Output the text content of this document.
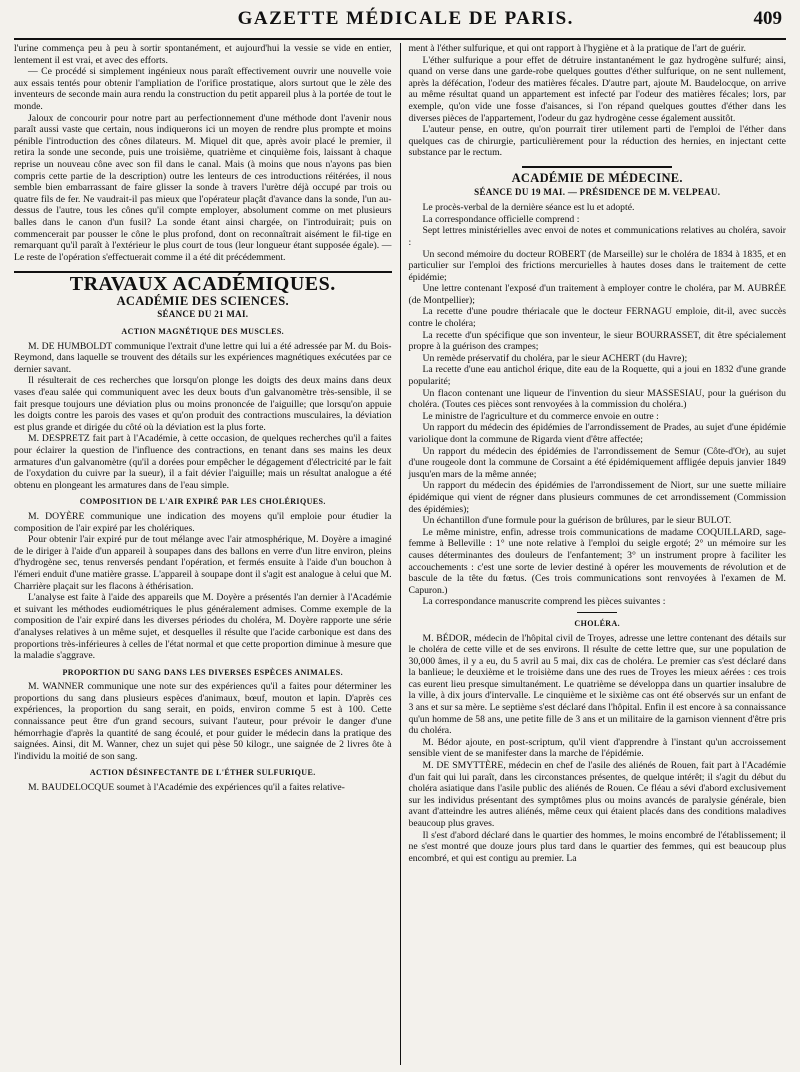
GAZETTE MÉDICALE DE PARIS.	409

l'urine commença peu à peu à sortir spontanément, et aujourd'hui la vessie se vide en entier, lentement il est vrai, et avec des efforts.

— Ce procédé si simplement ingénieux nous paraît effectivement ouvrir une nouvelle voie aux essais tentés pour obtenir l'ampliation de l'orifice prostatique, alors surtout que le zèle des inventeurs de seconde main aura rendu la construction du petit appareil plus à la portée de tout le monde.

Jaloux de concourir pour notre part au perfectionnement d'une méthode dont l'avenir nous paraît aussi vaste que certain, nous indiquerons ici un moyen de rendre plus prompte et moins pénible l'introduction des cônes dilateurs. M. Miquel dit que, après avoir placé le premier, il retira la sonde une seconde, puis une troisième, quatrième et cinquième fois, laissant à chaque reprise un nouveau cône avec son fil dans le canal. Mais (à moins que nous n'ayons pas bien compris cette partie de la description) outre les lenteurs de ces introductions réitérées, il nous semble bien embarrassant de faire glisser la sonde à travers l'urètre déjà occupé par trois ou quatre fils de fer. Ne vaudrait-il pas mieux que l'opérateur plaçât d'avance dans la sonde, l'un au-dessus de l'autre, tous les cônes qu'il compte employer, absolument comme on met plusieurs balles dans le canon d'un fusil? La sonde étant ainsi chargée, on l'introduirait; puis on commencerait par pousser le cône le plus profond, dont on reconnaîtrait aisément le fil-tige en remarquant qu'il paraît à l'extérieur le plus court de tous (leur longueur étant supposée égale). — Le reste de l'opération s'effectuerait comme il a été dit précédemment.

TRAVAUX ACADÉMIQUES.
ACADÉMIE DES SCIENCES.
SÉANCE DU 21 MAI.
ACTION MAGNÉTIQUE DES MUSCLES.

M. DE HUMBOLDT communique l'extrait d'une lettre qui lui a été adressée par M. du Bois-Reymond, dans laquelle se trouvent des détails sur les expériences magnétiques exécutées par ce dernier savant.

Il résulterait de ces recherches que lorsqu'on plonge les doigts des deux mains dans deux vases d'eau salée qui communiquent avec les deux bouts d'un galvanomètre très-sensible, il se fait presque toujours une déviation plus ou moins prononcée de l'aiguille; que lorsqu'on appuie les doigts contre les parois des vases et qu'on produit des contractions musculaires, la déviation est plus grande et dirigée du côté où la déviation est la plus forte.

M. DESPRETZ fait part à l'Académie, à cette occasion, de quelques recherches qu'il a faites pour éclairer la question de l'influence des contractions, en tenant dans ses mains les deux armatures d'un galvanomètre (qu'il a dorées pour empêcher le dégagement d'électricité par le fait de l'oxydation du cuivre par la sueur), il a fait dévier l'aiguille; mais un résultat analogue a été obtenu en plongeant les armatures dans de l'eau simple.

COMPOSITION DE L'AIR EXPIRÉ PAR LES CHOLÉRIQUES.

M. DOYÈRE communique une indication des moyens qu'il emploie pour étudier la composition de l'air expiré par les cholériques.

Pour obtenir l'air expiré pur de tout mélange avec l'air atmosphérique, M. Doyère a imaginé de le diriger à l'aide d'un appareil à soupapes dans des ballons en verre d'un litre environ, pleins d'hydrogène sec, tenus renversés pendant l'opération, et fermés ensuite à l'aide d'un bouchon à l'émeri enduit d'une matière grasse. L'appareil à soupape dont il s'agit est analogue à celui que M. Charrière plaçait sur les flacons à éthérisation.

L'analyse est faite à l'aide des appareils que M. Doyère a présentés l'an dernier à l'Académie et suivant les méthodes eudiométriques le plus généralement admises. Comme exemple de la composition de l'air expiré dans les diverses périodes du choléra, M. Doyère rapporte une série d'analyses relatives à un même sujet, et desquelles il résulte que l'acide carbonique est dans des proportions très-inférieures à celles de l'état normal et que cette proportion diminue à mesure que la maladie s'aggrave.

PROPORTION DU SANG DANS LES DIVERSES ESPÈCES ANIMALES.

M. WANNER communique une note sur des expériences qu'il a faites pour déterminer les proportions du sang dans plusieurs espèces d'animaux, bœuf, mouton et lapin. D'après ces expériences, la proportion du sang serait, en poids, environ comme 5 est à 100. Cette connaissance peut être d'un grand secours, suivant l'auteur, pour prévoir le danger d'une hémorrhagie d'après la quantité de sang écoulé, et pour guider le médecin dans la pratique des saignées. Ainsi, dit M. Wanner, chez un sujet qui pèse 50 kilogr., une saignée de 2 livres ôte à l'individu la moitié de son sang.

ACTION DÉSINFECTANTE DE L'ÉTHER SULFURIQUE.

M. BAUDELOCQUE soumet à l'Académie des expériences qu'il a faites relative-

ment à l'éther sulfurique, et qui ont rapport à l'hygiène et à la pratique de l'art de guérir.

L'éther sulfurique a pour effet de détruire instantanément le gaz hydrogène sulfuré; ainsi, quand on verse dans une garde-robe quelques gouttes d'éther sulfurique, on ne sent nullement, après la défécation, l'odeur des matières fécales. D'autre part, ajoute M. Baudelocque, on arrive au même résultat quand un appartement est infecté par l'odeur des matières fécales; lors, par exemple, qu'on vide une fosse d'aisances, si l'on répand quelques gouttes d'éther dans les diverses pièces de l'appartement, l'odeur du gaz hydrogène cesse également aussitôt.

L'auteur pense, en outre, qu'on pourrait tirer utilement parti de l'emploi de l'éther dans quelques cas de chirurgie, particulièrement pour la réduction des hernies, en injectant cette substance par le rectum.

ACADÉMIE DE MÉDECINE.
SÉANCE DU 19 MAI. — PRÉSIDENCE DE M. VELPEAU.

Le procès-verbal de la dernière séance est lu et adopté.

La correspondance officielle comprend :

Sept lettres ministérielles avec envoi de notes et communications relatives au choléra, savoir :

Un second mémoire du docteur ROBERT (de Marseille) sur le choléra de 1834 à 1835, et en particulier sur l'emploi des frictions mercurielles à hautes doses dans le traitement de cette épidémie;

Une lettre contenant l'exposé d'un traitement à employer contre le choléra, par M. AUBRÉE (de Montpellier);

La recette d'une poudre thériacale que le docteur FERNAGU emploie, dit-il, avec succès contre le choléra;

La recette d'un spécifique que son inventeur, le sieur BOURRASSET, dit être spécialement propre à la guérison des crampes;

Un remède préservatif du choléra, par le sieur ACHERT (du Havre);

La recette d'une eau antichol érique, dite eau de la Roquette, qui a joui en 1832 d'une grande popularité;

Un flacon contenant une liqueur de l'invention du sieur MASSESIAU, pour la guérison du choléra. (Toutes ces pièces sont renvoyées à la commission du choléra.)

Le ministre de l'agriculture et du commerce envoie en outre :

Un rapport du médecin des épidémies de l'arrondissement de Prades, au sujet d'une épidémie variolique dont la commune de Rigarda vient d'être affectée;

Un rapport du médecin des épidémies de l'arrondissement de Semur (Côte-d'Or), au sujet d'une rougeole dont la commune de Corsaint a été épidémiquement affligée depuis janvier 1849 jusqu'en mars de la même année;

Un rapport du médecin des épidémies de l'arrondissement de Niort, sur une suette miliaire épidémique qui vient de régner dans plusieurs communes de cet arrondissement (Commission des épidémies);

Un échantillon d'une formule pour la guérison de brûlures, par le sieur BULOT.

Le même ministre, enfin, adresse trois communications de madame COQUILLARD, sage-femme à Belleville : 1° une note relative à l'emploi du seigle ergoté; 2° un mémoire sur les causes déterminantes des douleurs de l'enfantement; 3° un instrument propre à faciliter les accouchements : c'est une sorte de levier destiné à opérer les mouvements de révolution et de bascule de la tête du fœtus. (Ces trois communications sont renvoyées à l'examen de M. Capuron.)

La correspondance manuscrite comprend les pièces suivantes :

CHOLÉRA.

M. BÉDOR, médecin de l'hôpital civil de Troyes, adresse une lettre contenant des détails sur le choléra de cette ville et de ses environs. Il résulte de cette lettre que, sur une population de 30,000 âmes, il y a eu, du 5 avril au 5 mai, dix cas de choléra. Le premier cas s'est déclaré dans la banlieue; le deuxième et le troisième dans une des rues de Troyes les mieux aérées : ces trois cas eurent lieu presque simultanément. Le quatrième se développa dans un quartier insalubre de la ville, à dix jours d'intervalle. Le cinquième et le sixième cas ont été observés sur un enfant de 3 ans et sur sa mère. Le septième s'est déclaré dans l'hôpital. Enfin il est encore à sa connaissance qu'un homme de 58 ans, une petite fille de 3 ans et un militaire de la garnison viennent d'être pris du choléra.

M. Bédor ajoute, en post-scriptum, qu'il vient d'apprendre à l'instant qu'un accroissement sensible vient de se manifester dans la marche de l'épidémie.

M. DE SMYTTÈRE, médecin en chef de l'asile des aliénés de Rouen, fait part à l'Académie d'un fait qui lui paraît, dans les circonstances présentes, de quelque intérêt; il s'agit du début du choléra asiatique dans l'asile public des aliénés de Rouen. Ce fléau a sévi d'abord exclusivement sur les individus présentant des symptômes plus ou moins avancés de paralysie générale, bien avant d'atteindre les autres aliénés, même ceux qui étaient placés dans des conditions maladives beaucoup plus graves.

Il s'est d'abord déclaré dans le quartier des hommes, le moins encombré de l'établissement; il ne s'est montré que douze jours plus tard dans le quartier des femmes, qui est beaucoup plus encombré, et qui est contigu au premier. La
